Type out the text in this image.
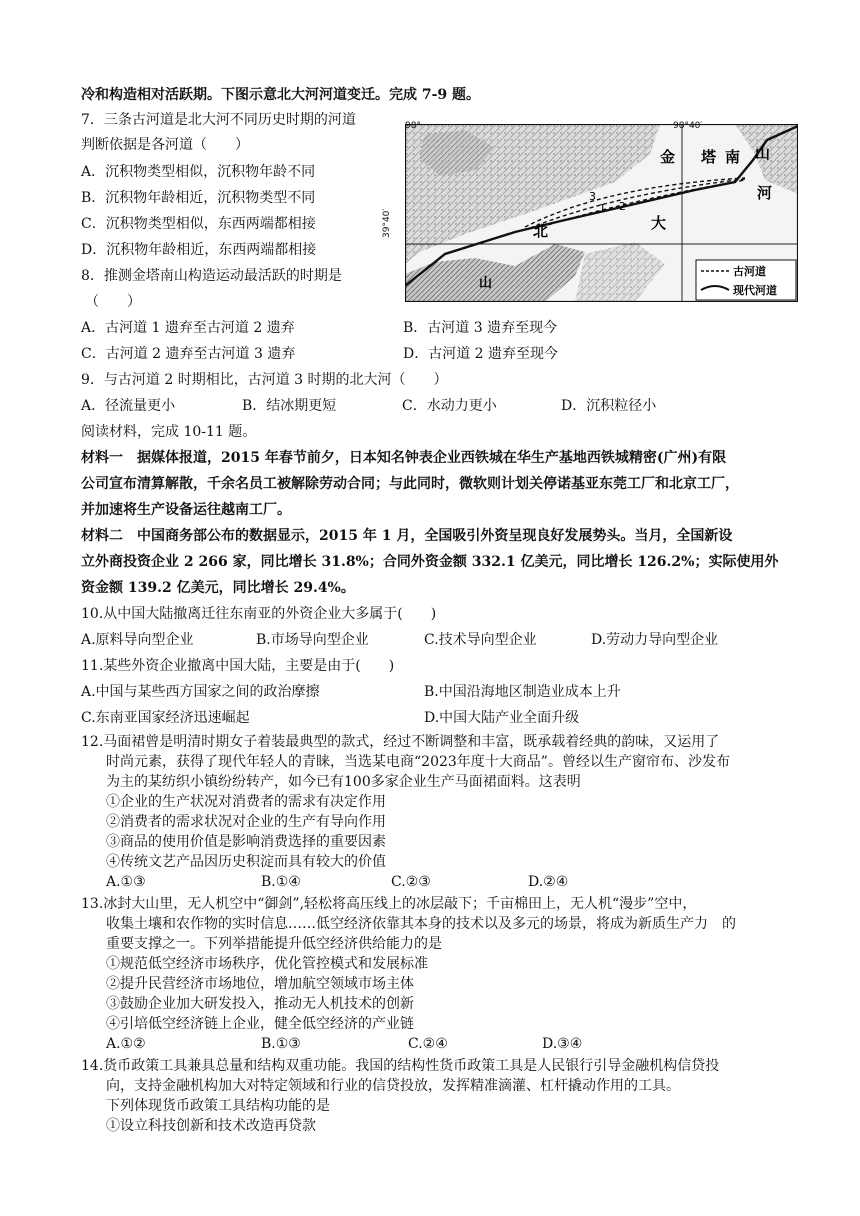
冷和构造相对活跃期。下图示意北大河河道变迁。完成 7-9 题。
7．三条古河道是北大河不同历史时期的河道
判断依据是各河道（　　）
A．沉积物类型相似，沉积物年龄不同
B．沉积物年龄相近，沉积物类型不同
C．沉积物类型相似，东西两端都相接
D．沉积物年龄相近，东西两端都相接
8．推测金塔南山构造运动最活跃的时期是
（　　）
A．古河道 1 遗弃至古河道 2 遗弃	B．古河道 3 遗弃至现今
C．古河道 2 遗弃至古河道 3 遗弃	D．古河道 2 遗弃至现今
9．与古河道 2 时期相比，古河道 3 时期的北大河（　　）
A．径流量更小	B．结冰期更短	C．水动力更小	D．沉积粒径小
阅读材料，完成 10-11 题。
材料一　据媒体报道，2015 年春节前夕，日本知名钟表企业西铁城在华生产基地西铁城精密(广州)有限
公司宣布清算解散，千余名员工被解除劳动合同；与此同时，微软则计划关停诺基亚东莞工厂和北京工厂，
并加速将生产设备运往越南工厂。
材料二　中国商务部公布的数据显示，2015 年 1 月，全国吸引外资呈现良好发展势头。当月，全国新设
立外商投资企业 2 266 家，同比增长 31.8%；合同外资金额 332.1 亿美元，同比增长 126.2%；实际使用外
资金额 139.2 亿美元，同比增长 29.4%。
10.从中国大陆撤离迁往东南亚的外资企业大多属于(　　)
A.原料导向型企业	B.市场导向型企业	C.技术导向型企业	D.劳动力导向型企业
11.某些外资企业撤离中国大陆，主要是由于(　　)
A.中国与某些西方国家之间的政治摩擦	B.中国沿海地区制造业成本上升
C.东南亚国家经济迅速崛起	D.中国大陆产业全面升级
12.马面裙曾是明清时期女子着装最典型的款式，经过不断调整和丰富，既承载着经典的韵味，又运用了
时尚元素，获得了现代年轻人的青睐，当选某电商“2023年度十大商品”。曾经以生产窗帘布、沙发布
为主的某纺织小镇纷纷转产，如今已有100多家企业生产马面裙面料。这表明
①企业的生产状况对消费者的需求有决定作用
②消费者的需求状况对企业的生产有导向作用
③商品的使用价值是影响消费选择的重要因素
④传统文艺产品因历史积淀而具有较大的价值
A.①③	B.①④	C.②③	D.②④
13.冰封大山里，无人机空中“御剑”,轻松将高压线上的冰层敲下；千亩棉田上，无人机“漫步”空中，
收集土壤和农作物的实时信息……低空经济依靠其本身的技术以及多元的场景，将成为新质生产力　的
重要支撑之一。下列举措能提升低空经济供给能力的是
①规范低空经济市场秩序，优化管控模式和发展标准
②提升民营经济市场地位，增加航空领域市场主体
③鼓励企业加大研发投入，推动无人机技术的创新
④引培低空经济链上企业，健全低空经济的产业链
A.①②	B.①③	C.②④	D.③④
14.货币政策工具兼具总量和结构双重功能。我国的结构性货币政策工具是人民银行引导金融机构信贷投
向，支持金融机构加大对特定领域和行业的信贷投放，发挥精准滴灌、杠杆撬动作用的工具。
下列体现货币政策工具结构功能的是
①设立科技创新和技术改造再贷款
金 塔 南 山
河
大
北
山
3
1 2
古河道
现代河道
98°	98°40′
39°40′
